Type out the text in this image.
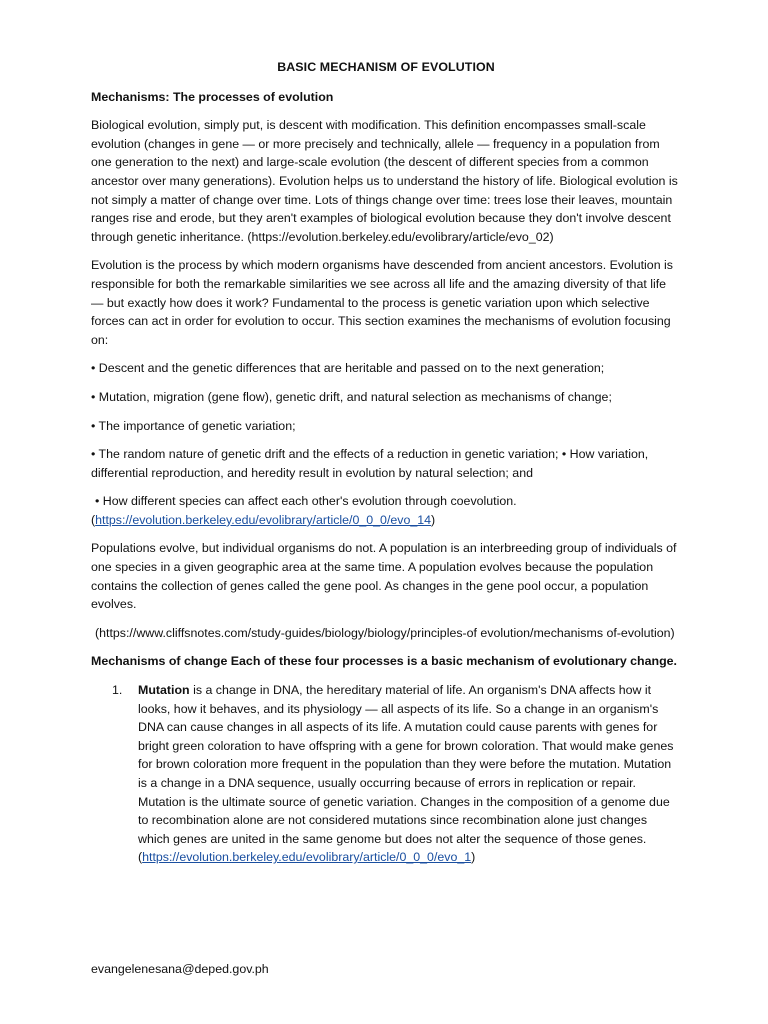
BASIC MECHANISM OF EVOLUTION
Mechanisms: The processes of evolution

Biological evolution, simply put, is descent with modification. This definition encompasses small-scale evolution (changes in gene — or more precisely and technically, allele — frequency in a population from one generation to the next) and large-scale evolution (the descent of different species from a common ancestor over many generations). Evolution helps us to understand the history of life. Biological evolution is not simply a matter of change over time. Lots of things change over time: trees lose their leaves, mountain ranges rise and erode, but they aren't examples of biological evolution because they don't involve descent through genetic inheritance. (https://evolution.berkeley.edu/evolibrary/article/evo_02)

Evolution is the process by which modern organisms have descended from ancient ancestors. Evolution is responsible for both the remarkable similarities we see across all life and the amazing diversity of that life — but exactly how does it work? Fundamental to the process is genetic variation upon which selective forces can act in order for evolution to occur. This section examines the mechanisms of evolution focusing on:

• Descent and the genetic differences that are heritable and passed on to the next generation;
• Mutation, migration (gene flow), genetic drift, and natural selection as mechanisms of change;
• The importance of genetic variation;
• The random nature of genetic drift and the effects of a reduction in genetic variation; • How variation, differential reproduction, and heredity result in evolution by natural selection; and

• How different species can affect each other's evolution through coevolution.
(https://evolution.berkeley.edu/evolibrary/article/0_0_0/evo_14)

Populations evolve, but individual organisms do not. A population is an interbreeding group of individuals of one species in a given geographic area at the same time. A population evolves because the population contains the collection of genes called the gene pool. As changes in the gene pool occur, a population evolves.

(https://www.cliffsnotes.com/study-guides/biology/biology/principles-of evolution/mechanisms of-evolution)

Mechanisms of change Each of these four processes is a basic mechanism of evolutionary change.
1.	Mutation is a change in DNA, the hereditary material of life. An organism's DNA affects how it looks, how it behaves, and its physiology — all aspects of its life. So a change in an organism's DNA can cause changes in all aspects of its life. A mutation could cause parents with genes for bright green coloration to have offspring with a gene for brown coloration. That would make genes for brown coloration more frequent in the population than they were before the mutation. Mutation is a change in a DNA sequence, usually occurring because of errors in replication or repair. Mutation is the ultimate source of genetic variation. Changes in the composition of a genome due to recombination alone are not considered mutations since recombination alone just changes which genes are united in the same genome but does not alter the sequence of those genes.
(https://evolution.berkeley.edu/evolibrary/article/0_0_0/evo_1)
evangelenesana@deped.gov.ph
